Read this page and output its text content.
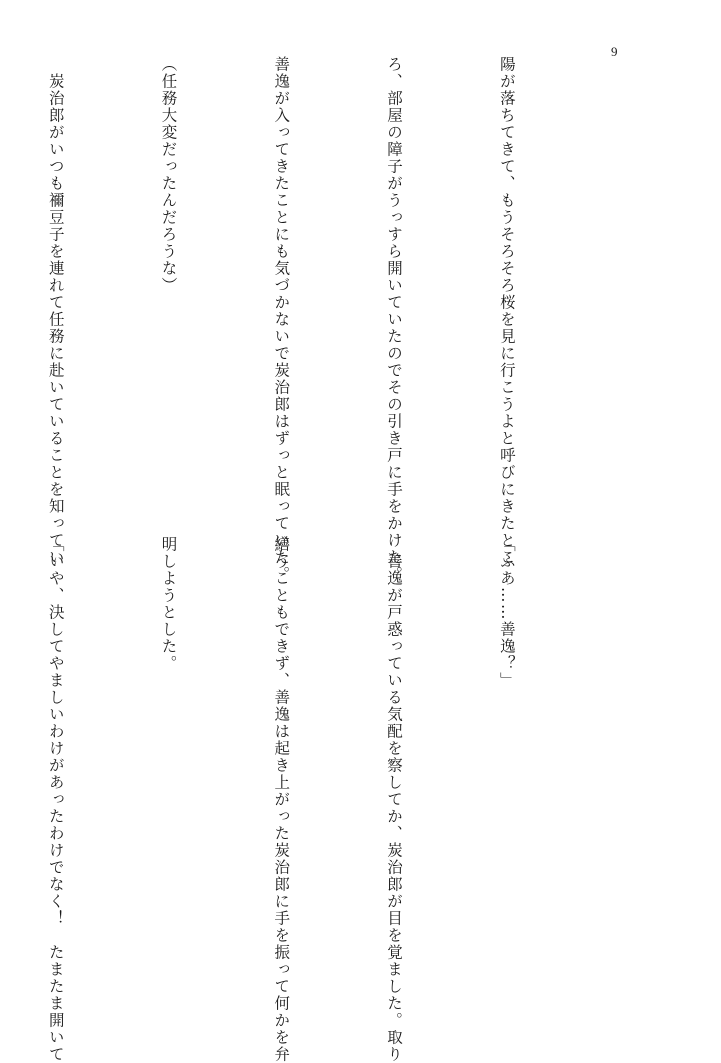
9

陽が落ちてきて、もうそろそろ桜を見に行こうよと呼びにきたとこ

ろ、部屋の障子がうっすら開いていたのでその引き戸に手をかけた。

善逸が入ってきたことにも気づかないで炭治郎はずっと眠っていた。

（任務大変だったんだろうな）

　炭治郎がいつも禰豆子を連れて任務に赴いていることを知ってい

「ふあ……善逸？」

　善逸が戸惑っている気配を察してか、炭治郎が目を覚ました。取り

繕うこともできず、善逸は起き上がった炭治郎に手を振って何かを弁

明しようとした。

「いや、決してやましいわけがあったわけでなく！　たまたま開いて
